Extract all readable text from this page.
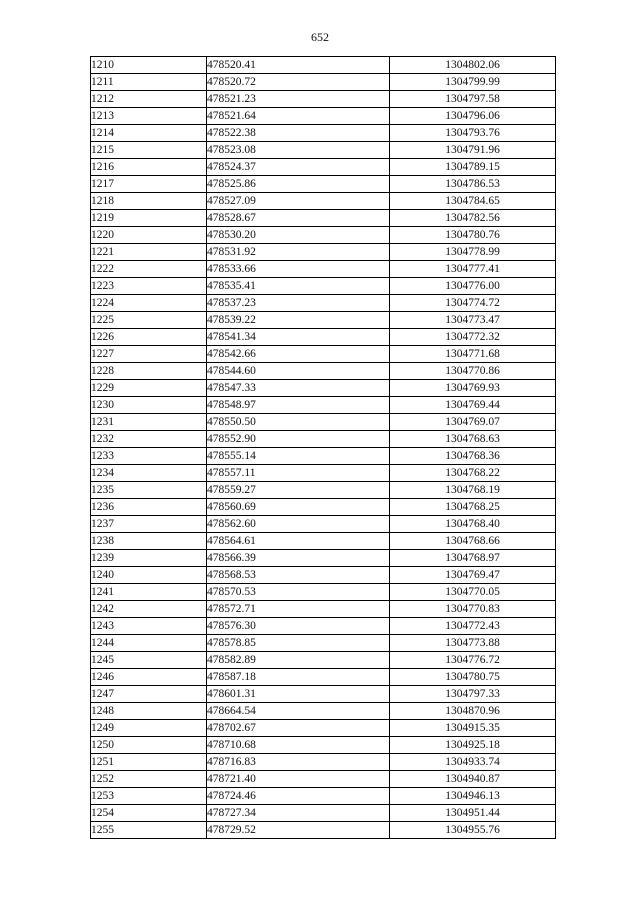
652
1210	478520.41	1304802.06
1211	478520.72	1304799.99
1212	478521.23	1304797.58
1213	478521.64	1304796.06
1214	478522.38	1304793.76
1215	478523.08	1304791.96
1216	478524.37	1304789.15
1217	478525.86	1304786.53
1218	478527.09	1304784.65
1219	478528.67	1304782.56
1220	478530.20	1304780.76
1221	478531.92	1304778.99
1222	478533.66	1304777.41
1223	478535.41	1304776.00
1224	478537.23	1304774.72
1225	478539.22	1304773.47
1226	478541.34	1304772.32
1227	478542.66	1304771.68
1228	478544.60	1304770.86
1229	478547.33	1304769.93
1230	478548.97	1304769.44
1231	478550.50	1304769.07
1232	478552.90	1304768.63
1233	478555.14	1304768.36
1234	478557.11	1304768.22
1235	478559.27	1304768.19
1236	478560.69	1304768.25
1237	478562.60	1304768.40
1238	478564.61	1304768.66
1239	478566.39	1304768.97
1240	478568.53	1304769.47
1241	478570.53	1304770.05
1242	478572.71	1304770.83
1243	478576.30	1304772.43
1244	478578.85	1304773.88
1245	478582.89	1304776.72
1246	478587.18	1304780.75
1247	478601.31	1304797.33
1248	478664.54	1304870.96
1249	478702.67	1304915.35
1250	478710.68	1304925.18
1251	478716.83	1304933.74
1252	478721.40	1304940.87
1253	478724.46	1304946.13
1254	478727.34	1304951.44
1255	478729.52	1304955.76
